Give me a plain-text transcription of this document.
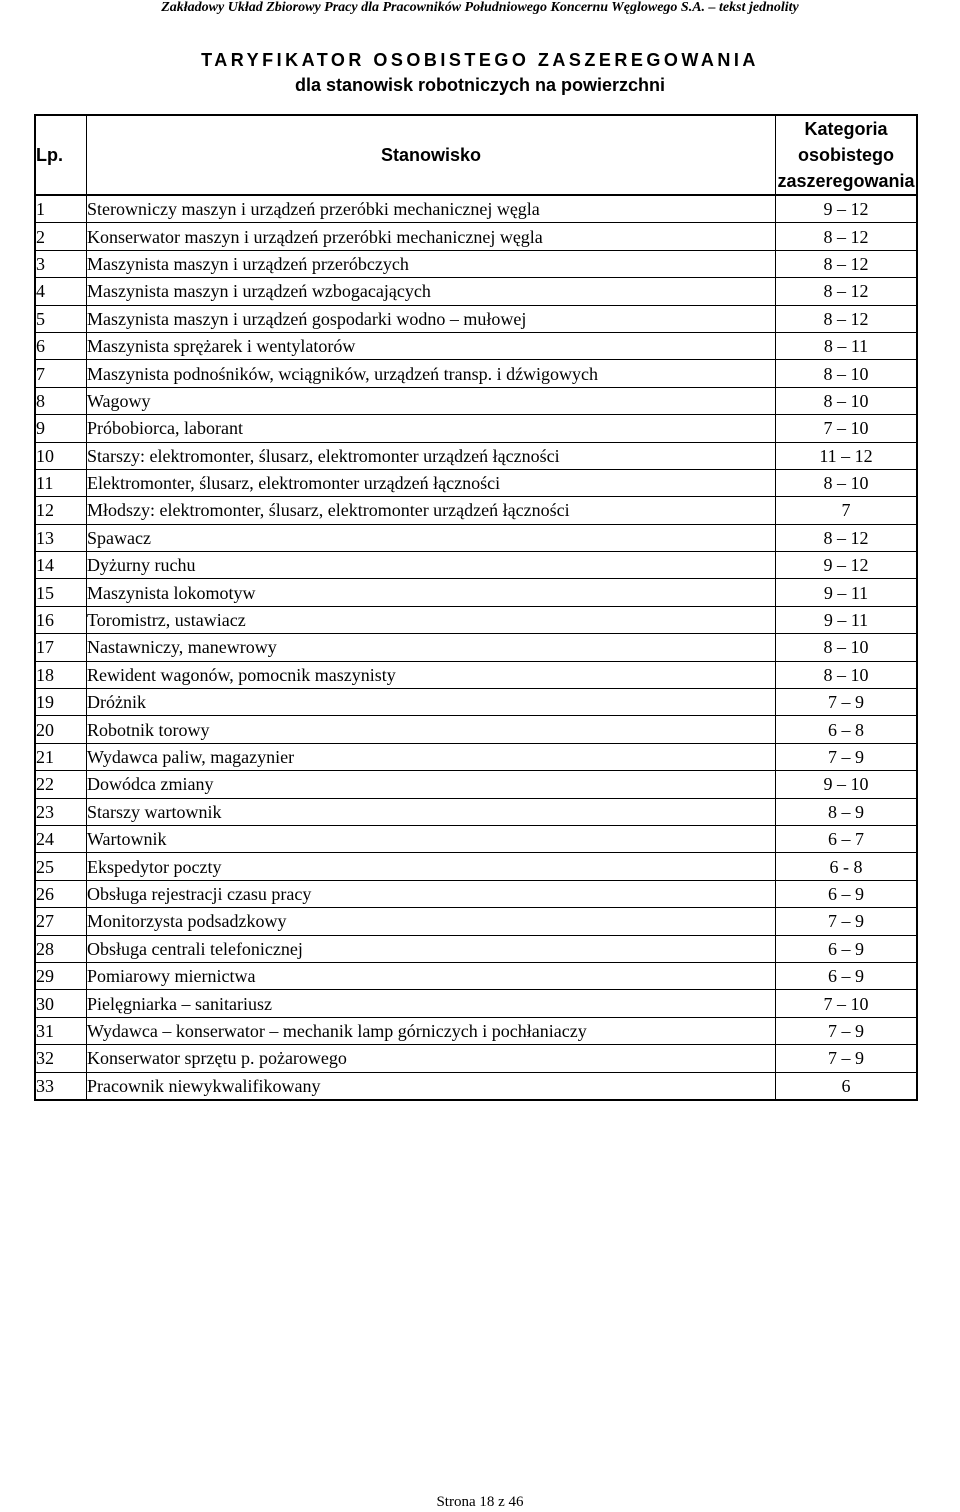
Zakładowy Układ Zbiorowy Pracy dla Pracowników Południowego Koncernu Węglowego S.A. – tekst jednolity
TARYFIKATOR OSOBISTEGO ZASZEREGOWANIA
dla stanowisk robotniczych na powierzchni
Lp.	Stanowisko	Kategoria
osobistego
zaszeregowania

1	Sterowniczy maszyn i urządzeń przeróbki mechanicznej węgla	9 – 12
2	Konserwator maszyn i urządzeń przeróbki mechanicznej węgla	8 – 12
3	Maszynista maszyn i urządzeń przeróbczych	8 – 12
4	Maszynista maszyn i urządzeń wzbogacających	8 – 12
5	Maszynista maszyn i urządzeń gospodarki wodno – mułowej	8 – 12
6	Maszynista sprężarek i wentylatorów	8 – 11
7	Maszynista podnośników, wciągników, urządzeń transp. i dźwigowych	8 – 10
8	Wagowy	8 – 10
9	Próbobiorca, laborant	7 – 10
10	Starszy: elektromonter, ślusarz, elektromonter urządzeń łączności	11 – 12
11	Elektromonter, ślusarz, elektromonter urządzeń łączności	8 – 10
12	Młodszy: elektromonter, ślusarz, elektromonter urządzeń łączności	7
13	Spawacz	8 – 12
14	Dyżurny ruchu	9 – 12
15	Maszynista lokomotyw	9 – 11
16	Toromistrz, ustawiacz	9 – 11
17	Nastawniczy, manewrowy	8 – 10
18	Rewident wagonów, pomocnik maszynisty	8 – 10
19	Dróżnik	7 – 9
20	Robotnik torowy	6 – 8
21	Wydawca paliw, magazynier	7 – 9
22	Dowódca zmiany	9 – 10
23	Starszy wartownik	8 – 9
24	Wartownik	6 – 7
25	Ekspedytor poczty	6 - 8
26	Obsługa rejestracji czasu pracy	6 – 9
27	Monitorzysta podsadzkowy	7 – 9
28	Obsługa centrali telefonicznej	6 – 9
29	Pomiarowy miernictwa	6 – 9
30	Pielęgniarka – sanitariusz	7 – 10
31	Wydawca – konserwator – mechanik lamp górniczych i pochłaniaczy	7 – 9
32	Konserwator sprzętu p. pożarowego	7 – 9
33	Pracownik niewykwalifikowany	6
Strona 18 z 46
